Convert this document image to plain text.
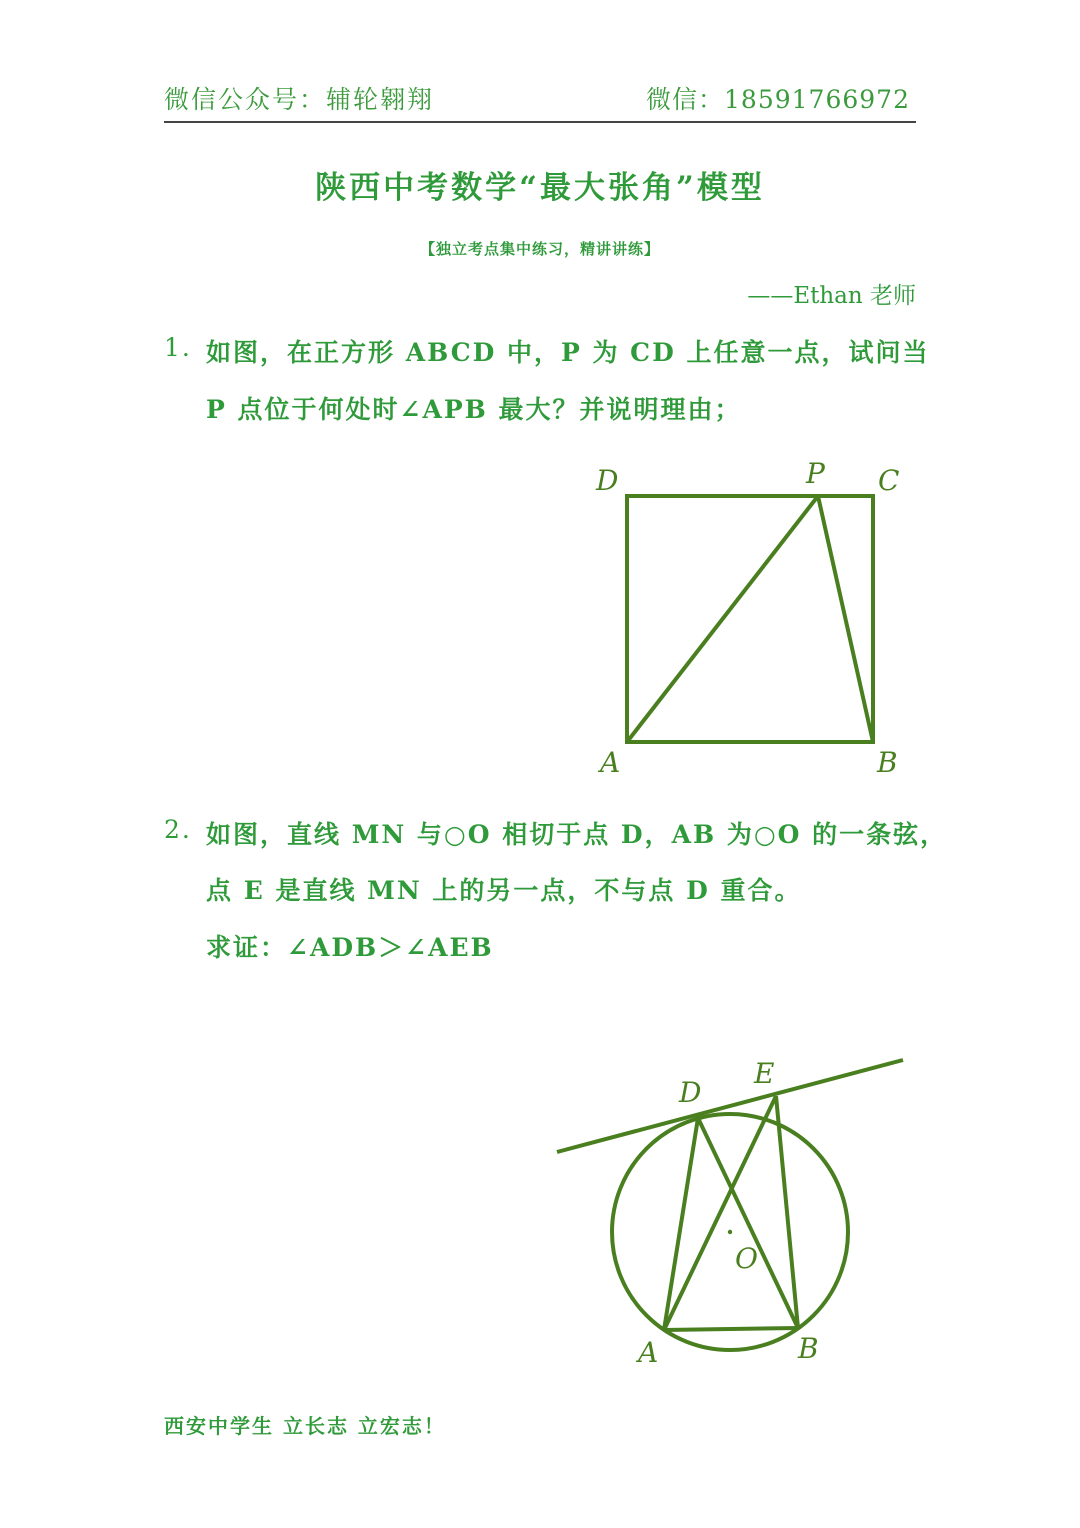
微信公众号：辅轮翱翔	微信：18591766972
陕西中考数学“最大张角”模型
【独立考点集中练习，精讲讲练】
——Ethan 老师
1. 如图，在正方形 ABCD 中，P 为 CD 上任意一点，试问当
P 点位于何处时∠APB 最大？并说明理由；
D	P C
A	B
2. 如图，直线 MN 与○O 相切于点 D，AB 为○O 的一条弦，
点 E 是直线 MN 上的另一点，不与点 D 重合。
求证：∠ADB＞∠AEB
D
E
O
A	B
西安中学生 立长志 立宏志！
